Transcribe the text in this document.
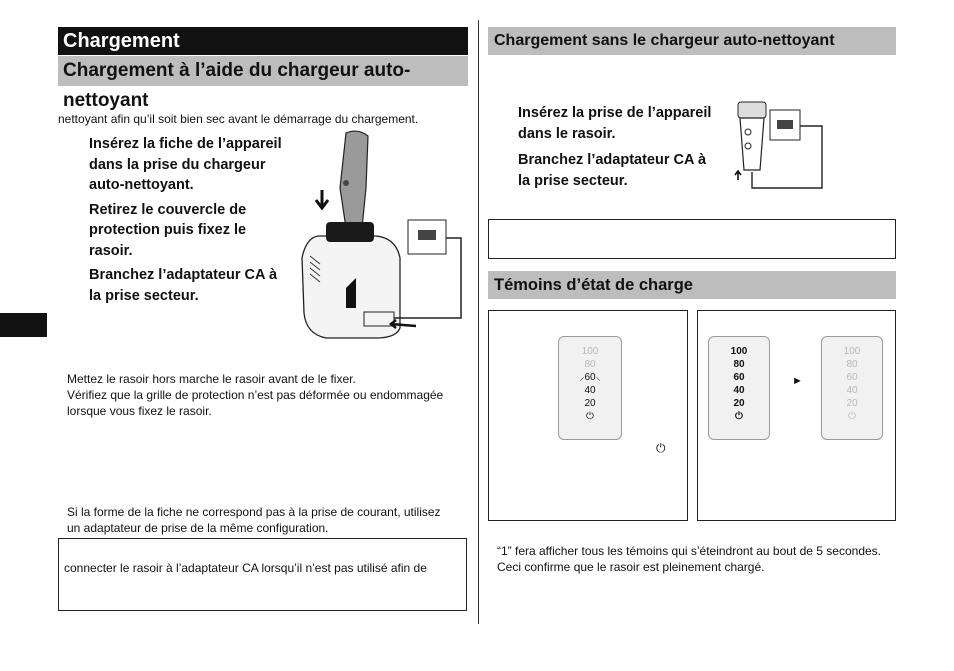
Chargement
Chargement à l’aide du chargeur auto-nettoyant
nettoyant afin qu’il soit bien sec avant le démarrage du chargement.
Insérez la fiche de l’appareil
dans la prise du chargeur
auto-nettoyant.
Retirez le couvercle de
protection puis fixez le
rasoir.
Branchez l’adaptateur CA à
la prise secteur.
Mettez le rasoir hors marche le rasoir avant de le fixer.
Vérifiez que la grille de protection n’est pas déformée ou endommagée
lorsque vous fixez le rasoir.
Si la forme de la fiche ne correspond pas à la prise de courant, utilisez
un adaptateur de prise de la même configuration.
connecter le rasoir à l’adaptateur CA lorsqu’il n’est pas utilisé afin de
Chargement sans le chargeur auto-nettoyant
Insérez la prise de l’appareil
dans le rasoir.
Branchez l’adaptateur CA à
la prise secteur.
Témoins d’état de charge
100
80
⸝60⸜
40
20
⏻
⏻
100
80
60
40
20
⏻
►
100
80
60
40
20
⏻
“1” fera afficher tous les témoins qui s’éteindront au bout de 5 secondes.
Ceci confirme que le rasoir est pleinement chargé.
